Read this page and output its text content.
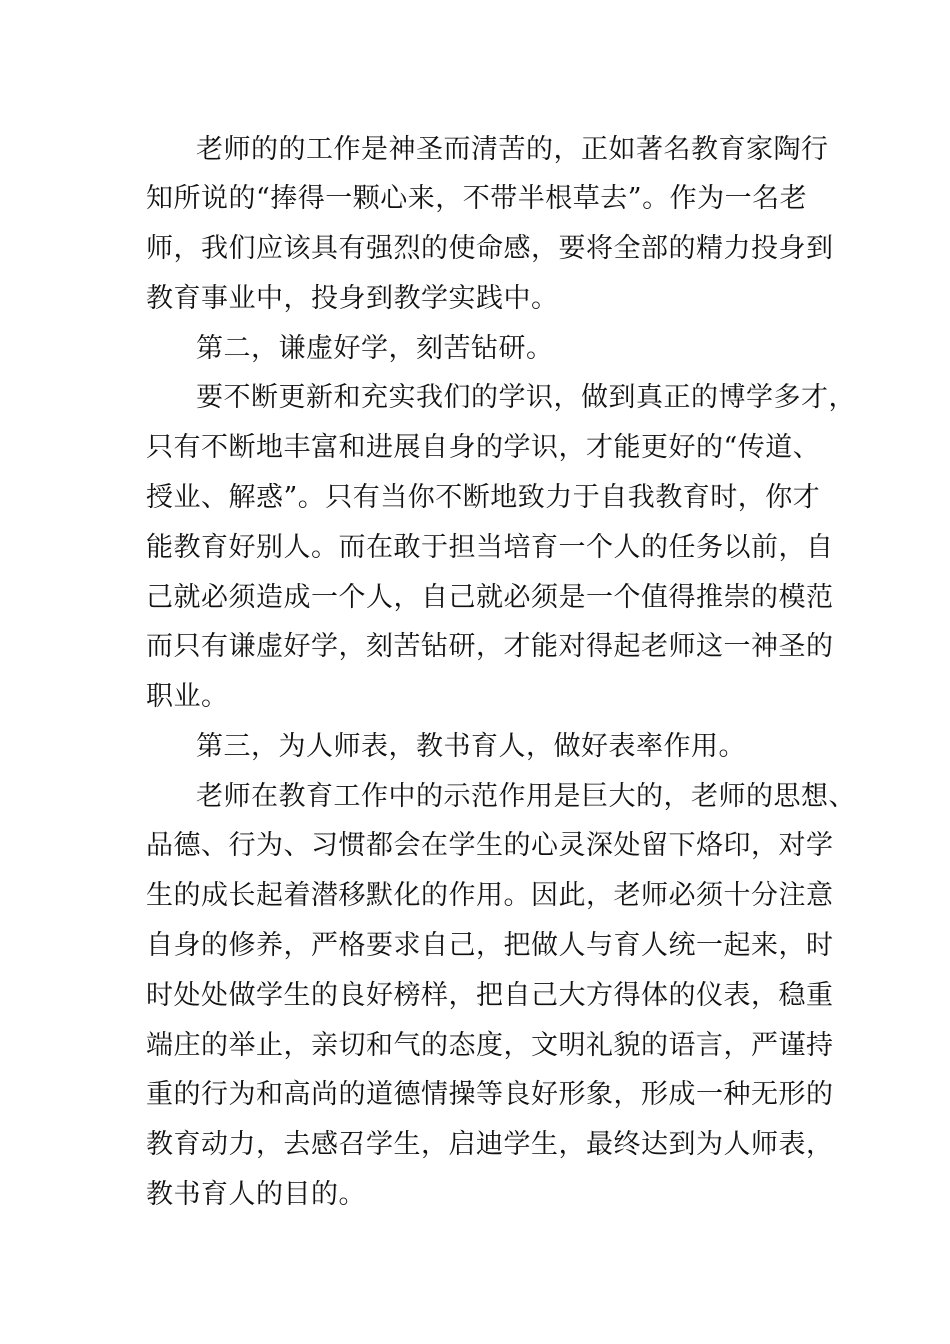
老师的的工作是神圣而清苦的，正如著名教育家陶行
知所说的“捧得一颗心来，不带半根草去”。作为一名老
师，我们应该具有强烈的使命感，要将全部的精力投身到
教育事业中，投身到教学实践中。
第二，谦虚好学，刻苦钻研。
要不断更新和充实我们的学识，做到真正的博学多才，
只有不断地丰富和进展自身的学识，才能更好的“传道、
授业、解惑”。只有当你不断地致力于自我教育时，你才
能教育好别人。而在敢于担当培育一个人的任务以前，自
己就必须造成一个人，自己就必须是一个值得推崇的模范
而只有谦虚好学，刻苦钻研，才能对得起老师这一神圣的
职业。
第三，为人师表，教书育人，做好表率作用。
老师在教育工作中的示范作用是巨大的，老师的思想、
品德、行为、习惯都会在学生的心灵深处留下烙印，对学
生的成长起着潜移默化的作用。因此，老师必须十分注意
自身的修养，严格要求自己，把做人与育人统一起来，时
时处处做学生的良好榜样，把自己大方得体的仪表，稳重
端庄的举止，亲切和气的态度，文明礼貌的语言，严谨持
重的行为和高尚的道德情操等良好形象，形成一种无形的
教育动力，去感召学生，启迪学生，最终达到为人师表，
教书育人的目的。
